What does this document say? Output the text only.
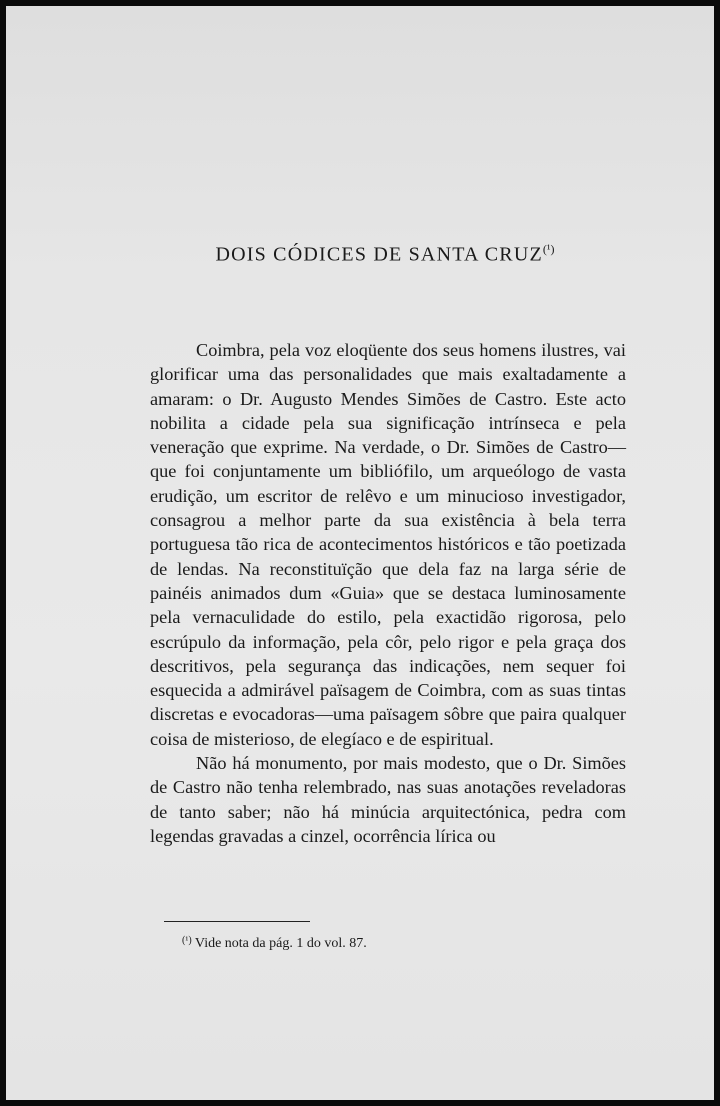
DOIS CÓDICES DE SANTA $CRUZ^{(^1)}$

Coimbra, pela voz eloqüente dos seus homens ilustres, vai glorificar uma das personalidades que mais exaltadamente a amaram: o Dr. Augusto Mendes Simões de Castro. Este acto nobilita a cidade pela sua significação intrínseca e pela veneração que exprime. Na verdade, o Dr. Simões de Castro—que foi conjuntamente um bibliófilo, um arqueólogo de vasta erudição, um escritor de relêvo e um minucioso investigador, consagrou a melhor parte da sua existência à bela terra portuguesa tão rica de acontecimentos históricos e tão poetizada de lendas. Na reconstituïção que dela faz na larga série de painéis animados dum «Guia» que se destaca luminosamente pela vernaculidade do estilo, pela exactidão rigorosa, pelo escrúpulo da informação, pela côr, pelo rigor e pela graça dos descritivos, pela segurança das indicações, nem sequer foi esquecida a admirável païsagem de Coimbra, com as suas tintas discretas e evocadoras—uma païsagem sôbre que paira qualquer coisa de misterioso, de elegíaco e de espiritual.

Não há monumento, por mais modesto, que o Dr. Simões de Castro não tenha relembrado, nas suas anotações reveladoras de tanto saber; não há minúcia arquitectónica, pedra com legendas gravadas a cinzel, ocorrência lírica ou

$^{(^1)}$ Vide nota da pág. 1 do vol. 87.
